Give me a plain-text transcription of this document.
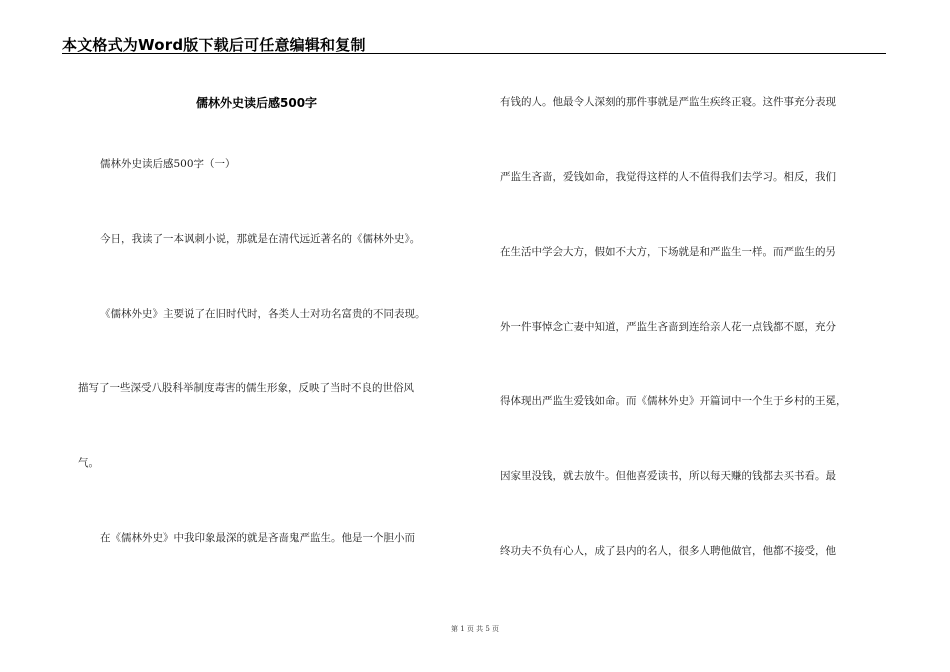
本文格式为Word版下载后可任意编辑和复制
儒林外史读后感500字
儒林外史读后感500字（一）
今日，我读了一本讽刺小说，那就是在清代远近著名的《儒林外史》。
《儒林外史》主要说了在旧时代时，各类人士对功名富贵的不同表现。
描写了一些深受八股科举制度毒害的儒生形象，反映了当时不良的世俗风
气。
在《儒林外史》中我印象最深的就是吝啬鬼严监生。他是一个胆小而
有钱的人。他最令人深刻的那件事就是严监生疾终正寝。这件事充分表现
严监生吝啬，爱钱如命，我觉得这样的人不值得我们去学习。相反，我们
在生活中学会大方，假如不大方，下场就是和严监生一样。而严监生的另
外一件事悼念亡妻中知道，严监生吝啬到连给亲人花一点钱都不愿，充分
得体现出严监生爱钱如命。而《儒林外史》开篇词中一个生于乡村的王冕，
因家里没钱，就去放牛。但他喜爱读书，所以每天赚的钱都去买书看。最
终功夫不负有心人，成了县内的名人，很多人聘他做官，他都不接受，他
第 1 页 共 5 页
